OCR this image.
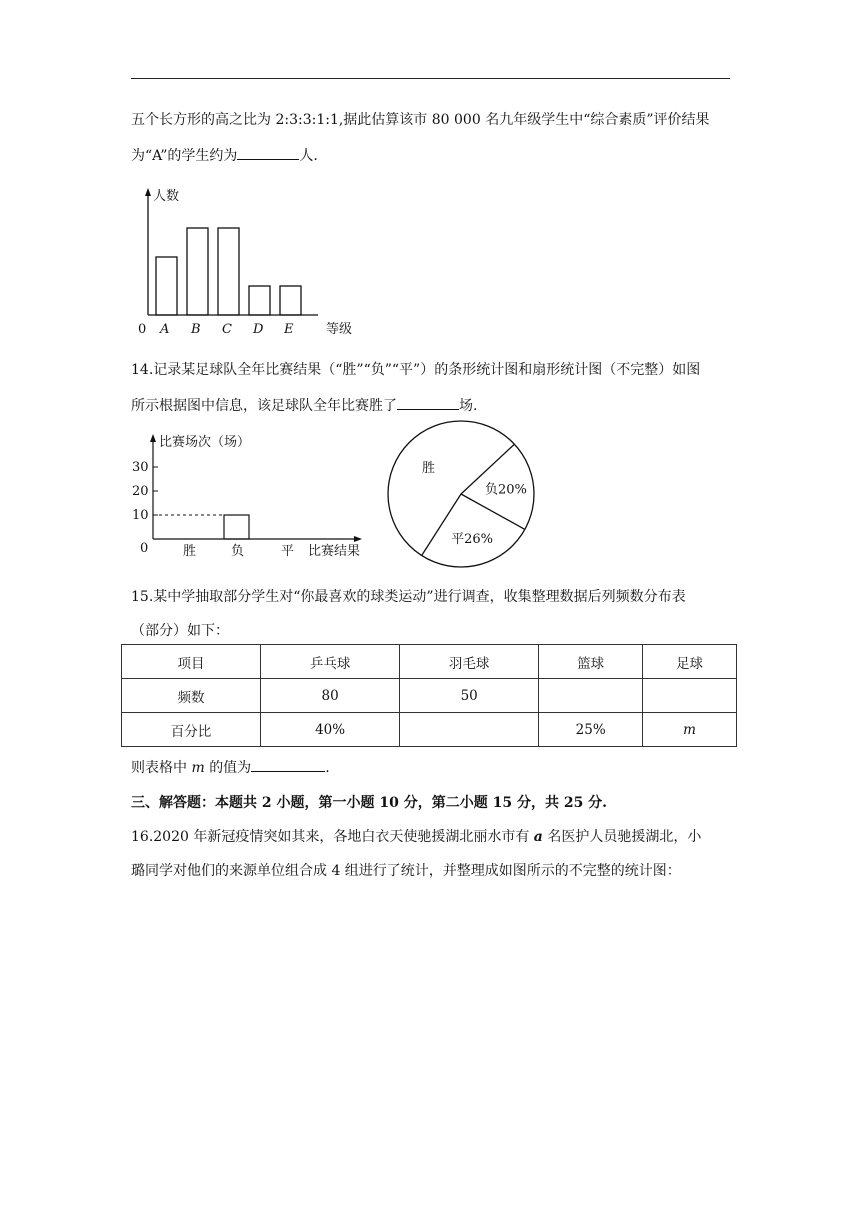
五个长方形的高之比为 2:3:3:1:1,据此估算该市 80 000 名九年级学生中“综合素质”评价结果
为“A”的学生约为	人.
人数
0	等级
A B C D E
14.记录某足球队全年比赛结果（“胜”“负”“平”）的条形统计图和扇形统计图（不完整）如图
所示根据图中信息，该足球队全年比赛胜了	场.
比赛场次（场）
0	比赛结果
10
20
30
胜	负	平
负20%
平26%
胜
15.某中学抽取部分学生对“你最喜欢的球类运动”进行调查，收集整理数据后列频数分布表
（部分）如下：
项目	乒乓球	羽毛球	篮球	足球
频数	80	50		
百分比	40%		25%	m
则表格中 m 的值为	.
三、解答题：本题共 2 小题，第一小题 10 分，第二小题 15 分，共 25 分.
16.2020 年新冠疫情突如其来，各地白衣天使驰援湖北丽水市有 a 名医护人员驰援湖北，小
璐同学对他们的来源单位组合成 4 组进行了统计，并整理成如图所示的不完整的统计图：
